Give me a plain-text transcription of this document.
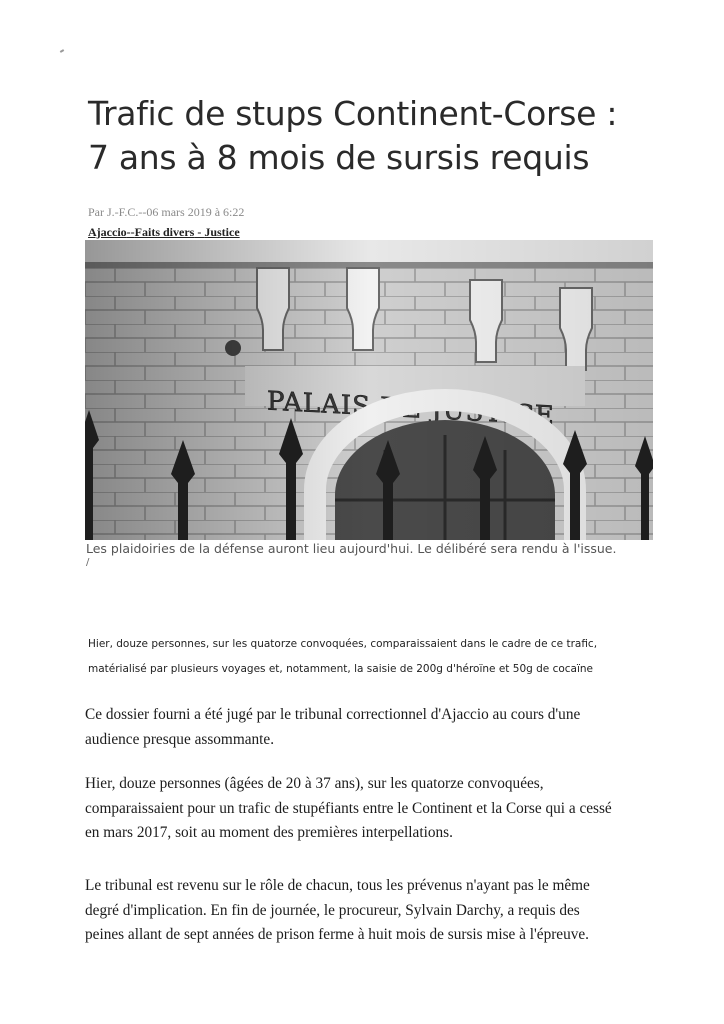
Trafic de stups Continent-Corse :
7 ans à 8 mois de sursis requis
Par J.-F.C.--06 mars 2019 à 6:22
Ajaccio--Faits divers - Justice
Les plaidoiries de la défense auront lieu aujourd'hui. Le délibéré sera rendu à l'issue.
/
Hier, douze personnes, sur les quatorze convoquées, comparaissaient dans le cadre de ce trafic,
matérialisé par plusieurs voyages et, notamment, la saisie de 200g d'héroïne et 50g de cocaïne
Ce dossier fourni a été jugé par le tribunal correctionnel d'Ajaccio au cours d'une
audience presque assommante.
Hier, douze personnes (âgées de 20 à 37 ans), sur les quatorze convoquées,
comparaissaient pour un trafic de stupéfiants entre le Continent et la Corse qui a cessé
en mars 2017, soit au moment des premières interpellations.
Le tribunal est revenu sur le rôle de chacun, tous les prévenus n'ayant pas le même
degré d'implication. En fin de journée, le procureur, Sylvain Darchy, a requis des
peines allant de sept années de prison ferme à huit mois de sursis mise à l'épreuve.
